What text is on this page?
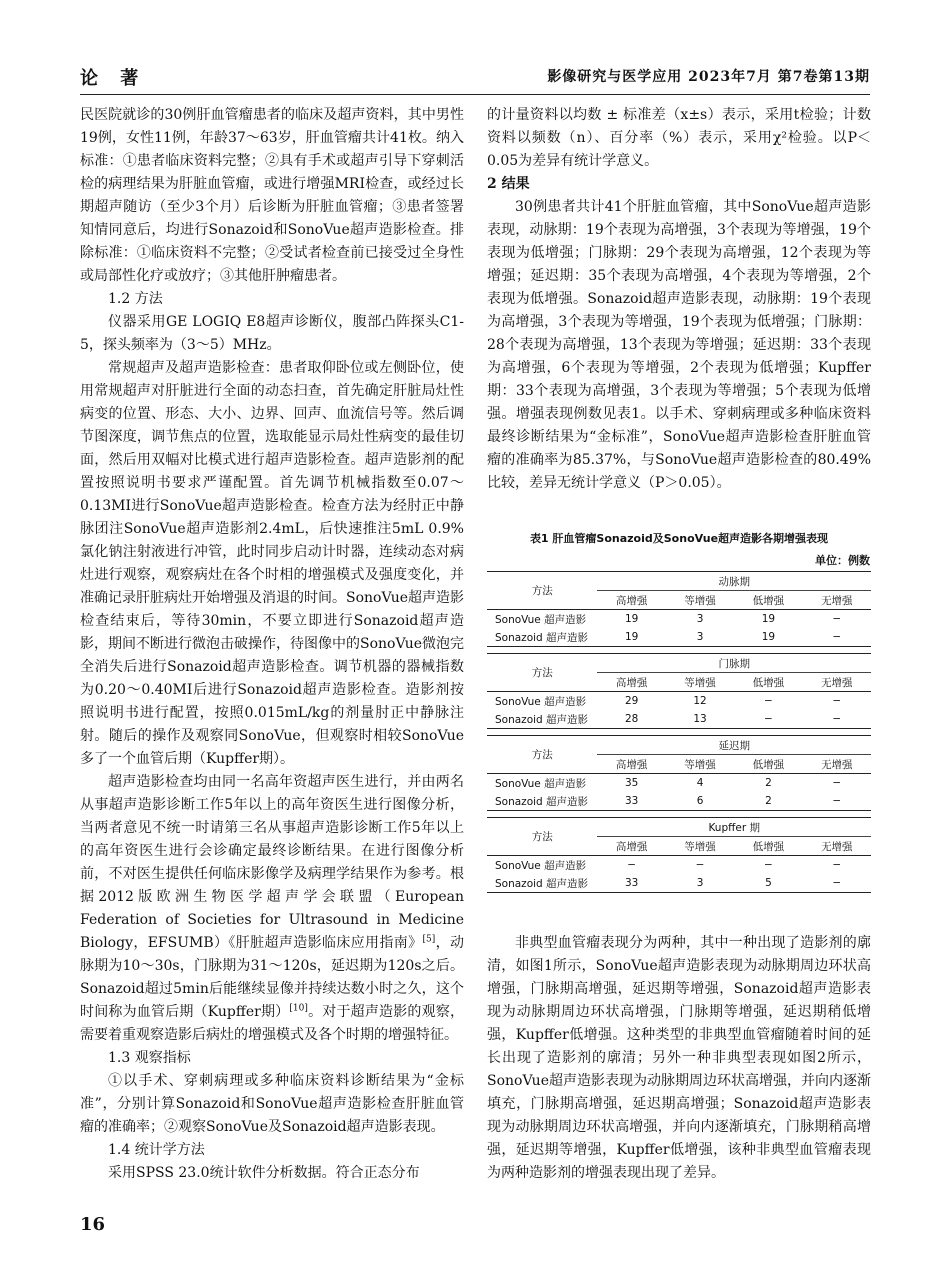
论 著	影像研究与医学应用 2023年7月 第7卷第13期

民医院就诊的30例肝血管瘤患者的临床及超声资料，其中男性19例，女性11例，年龄37～63岁，肝血管瘤共计41枚。纳入标准：①患者临床资料完整；②具有手术或超声引导下穿刺活检的病理结果为肝脏血管瘤，或进行增强MRI检查，或经过长期超声随访（至少3个月）后诊断为肝脏血管瘤；③患者签署知情同意后，均进行Sonazoid和SonoVue超声造影检查。排除标准：①临床资料不完整；②受试者检查前已接受过全身性或局部性化疗或放疗；③其他肝肿瘤患者。

1.2 方法

仪器采用GE LOGIQ E8超声诊断仪，腹部凸阵探头C1-5，探头频率为（3～5）MHz。

常规超声及超声造影检查：患者取仰卧位或左侧卧位，使用常规超声对肝脏进行全面的动态扫查，首先确定肝脏局灶性病变的位置、形态、大小、边界、回声、血流信号等。然后调节图深度，调节焦点的位置，选取能显示局灶性病变的最佳切面，然后用双幅对比模式进行超声造影检查。超声造影剂的配置按照说明书要求严谨配置。首先调节机械指数至0.07～0.13MI进行SonoVue超声造影检查。检查方法为经肘正中静脉团注SonoVue超声造影剂2.4mL，后快速推注5mL 0.9%氯化钠注射液进行冲管，此时同步启动计时器，连续动态对病灶进行观察，观察病灶在各个时相的增强模式及强度变化，并准确记录肝脏病灶开始增强及消退的时间。SonoVue超声造影检查结束后，等待30min，不要立即进行Sonazoid超声造影，期间不断进行微泡击破操作，待图像中的SonoVue微泡完全消失后进行Sonazoid超声造影检查。调节机器的器械指数为0.20～0.40MI后进行Sonazoid超声造影检查。造影剂按照说明书进行配置，按照0.015mL/kg的剂量肘正中静脉注射。随后的操作及观察同SonoVue，但观察时相较SonoVue多了一个血管后期（Kupffer期）。

超声造影检查均由同一名高年资超声医生进行，并由两名从事超声造影诊断工作5年以上的高年资医生进行图像分析，当两者意见不统一时请第三名从事超声造影诊断工作5年以上的高年资医生进行会诊确定最终诊断结果。在进行图像分析前，不对医生提供任何临床影像学及病理学结果作为参考。根据2012版欧洲生物医学超声学会联盟（European Federation of Societies for Ultrasound in Medicine Biology，EFSUMB）《肝脏超声造影临床应用指南》[5]，动脉期为10～30s，门脉期为31～120s，延迟期为120s之后。Sonazoid超过5min后能继续显像并持续达数小时之久，这个时间称为血管后期（Kupffer期）[10]。对于超声造影的观察，需要着重观察造影后病灶的增强模式及各个时期的增强特征。

1.3 观察指标

①以手术、穿刺病理或多种临床资料诊断结果为“金标准”，分别计算Sonazoid和SonoVue超声造影检查肝脏血管瘤的准确率；②观察SonoVue及Sonazoid超声造影表现。

1.4 统计学方法

采用SPSS 23.0统计软件分析数据。符合正态分布

的计量资料以均数 ± 标准差（x±s）表示，采用t检验；计数资料以频数（n）、百分率（%）表示，采用χ²检验。以P＜0.05为差异有统计学意义。

2 结果

30例患者共计41个肝脏血管瘤，其中SonoVue超声造影表现，动脉期：19个表现为高增强，3个表现为等增强，19个表现为低增强；门脉期：29个表现为高增强，12个表现为等增强；延迟期：35个表现为高增强，4个表现为等增强，2个表现为低增强。Sonazoid超声造影表现，动脉期：19个表现为高增强，3个表现为等增强，19个表现为低增强；门脉期：28个表现为高增强，13个表现为等增强；延迟期：33个表现为高增强，6个表现为等增强，2个表现为低增强；Kupffer期：33个表现为高增强，3个表现为等增强；5个表现为低增强。增强表现例数见表1。以手术、穿刺病理或多种临床资料最终诊断结果为“金标准”，SonoVue超声造影检查肝脏血管瘤的准确率为85.37%，与SonoVue超声造影检查的80.49%比较，差异无统计学意义（P＞0.05）。

表1 肝血管瘤Sonazoid及SonoVue超声造影各期增强表现
单位：例数
方法	动脉期			
	高增强	等增强	低增强	无增强
SonoVue 超声造影	19	3	19	−
Sonazoid 超声造影	19	3	19	−

方法	门脉期			
	高增强	等增强	低增强	无增强
SonoVue 超声造影	29	12	−	−
Sonazoid 超声造影	28	13	−	−

方法	延迟期			
	高增强	等增强	低增强	无增强
SonoVue 超声造影	35	4	2	−
Sonazoid 超声造影	33	6	2	−

方法	Kupffer 期			
	高增强	等增强	低增强	无增强
SonoVue 超声造影	−	−	−	−
Sonazoid 超声造影	33	3	5	−

非典型血管瘤表现分为两种，其中一种出现了造影剂的廓清，如图1所示，SonoVue超声造影表现为动脉期周边环状高增强，门脉期高增强，延迟期等增强，Sonazoid超声造影表现为动脉期周边环状高增强，门脉期等增强，延迟期稍低增强，Kupffer低增强。这种类型的非典型血管瘤随着时间的延长出现了造影剂的廓清；另外一种非典型表现如图2所示，SonoVue超声造影表现为动脉期周边环状高增强，并向内逐渐填充，门脉期高增强，延迟期高增强；Sonazoid超声造影表现为动脉期周边环状高增强，并向内逐渐填充，门脉期稍高增强，延迟期等增强，Kupffer低增强，该种非典型血管瘤表现为两种造影剂的增强表现出现了差异。

16
